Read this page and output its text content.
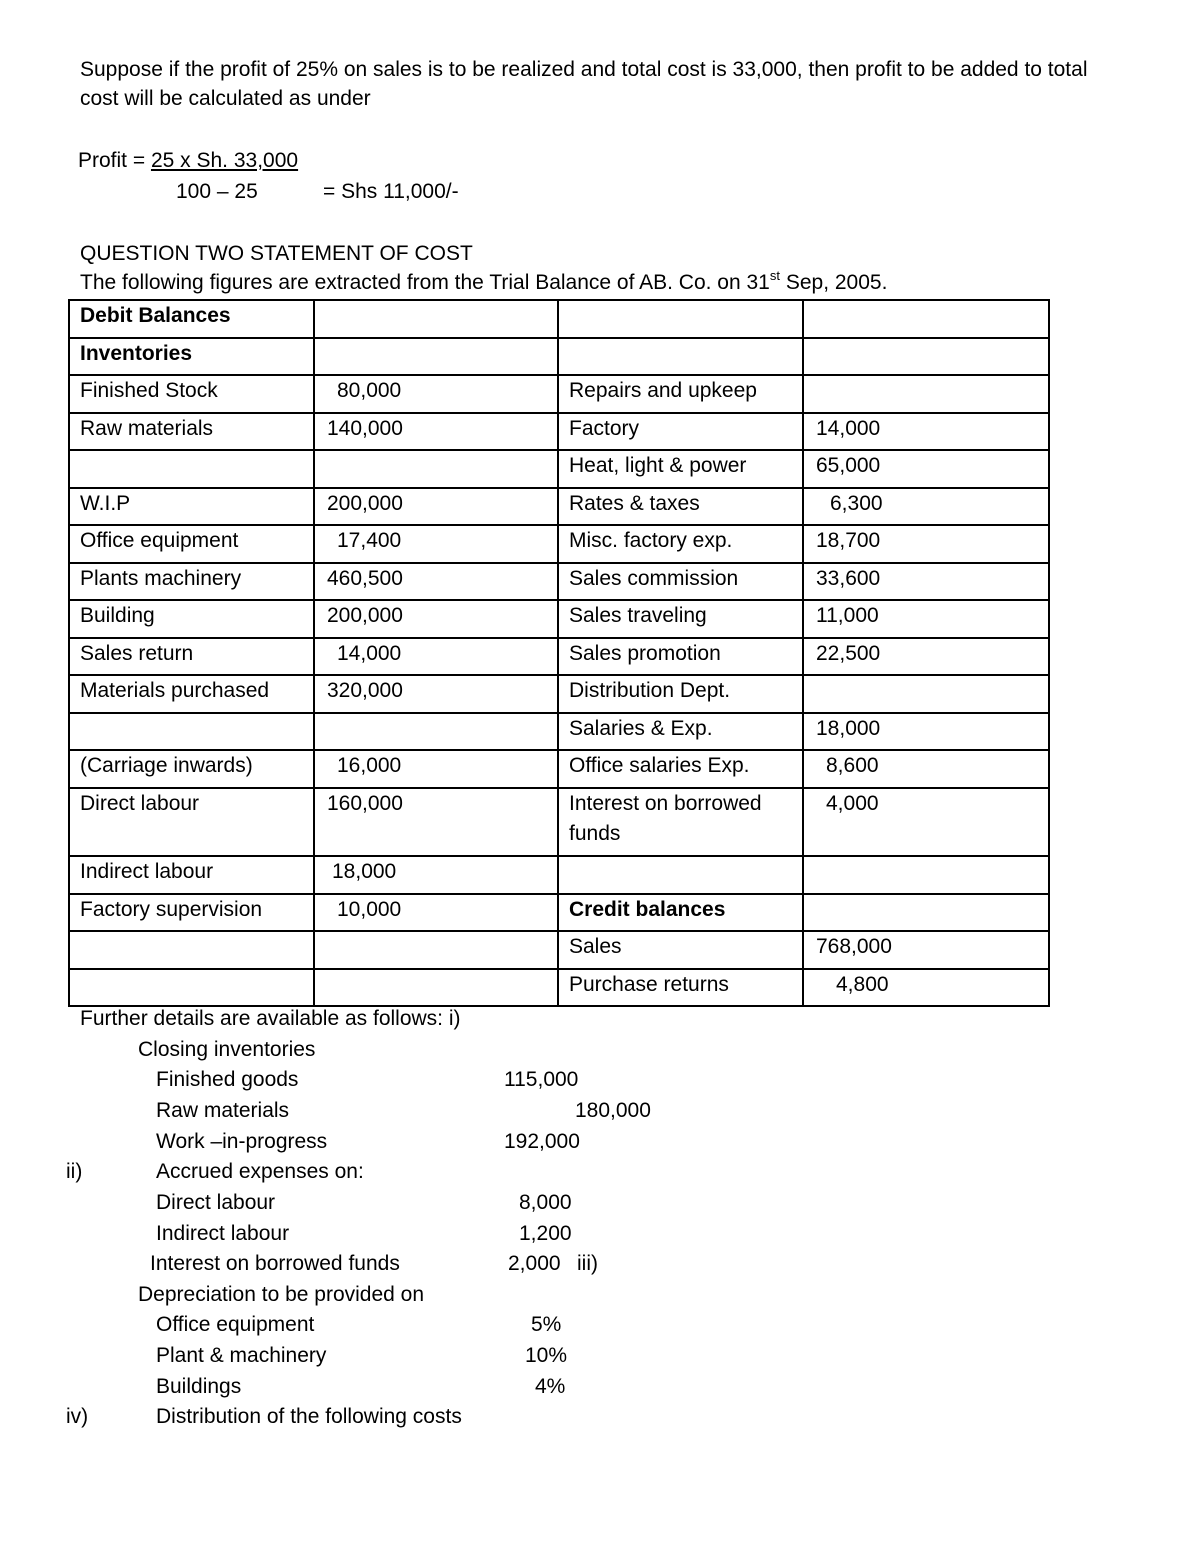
Suppose if the profit of 25% on sales is to be realized and total cost is 33,000, then profit to be added to total
cost will be calculated as under
Profit = 25 x Sh. 33,000
100 – 25	= Shs 11,000/-
QUESTION TWO STATEMENT OF COST
The following figures are extracted from the Trial Balance of AB. Co. on 31st Sep, 2005.
Debit Balances			
Inventories			
Finished Stock	80,000	Repairs and upkeep	
Raw materials	140,000	Factory	14,000
		Heat, light & power	65,000
W.I.P	200,000	Rates & taxes	6,300
Office equipment	17,400	Misc. factory exp.	18,700
Plants machinery	460,500	Sales commission	33,600
Building	200,000	Sales traveling	11,000
Sales return	14,000	Sales promotion	22,500
Materials purchased	320,000	Distribution Dept.	
		Salaries & Exp.	18,000
(Carriage inwards)	16,000	Office salaries Exp.	8,600
Direct labour	160,000	Interest on borrowed funds	4,000
Indirect labour	18,000		
Factory supervision	10,000	Credit balances	
		Sales	768,000
		Purchase returns	4,800
Further details are available as follows: i)
Closing inventories
Finished goods	115,000
Raw materials	180,000
Work –in-progress	192,000
ii)	Accrued expenses on:
Direct labour	8,000
Indirect labour	1,200
Interest on borrowed funds	2,000 iii)
Depreciation to be provided on
Office equipment	5%
Plant & machinery	10%
Buildings	4%
iv)	Distribution of the following costs
